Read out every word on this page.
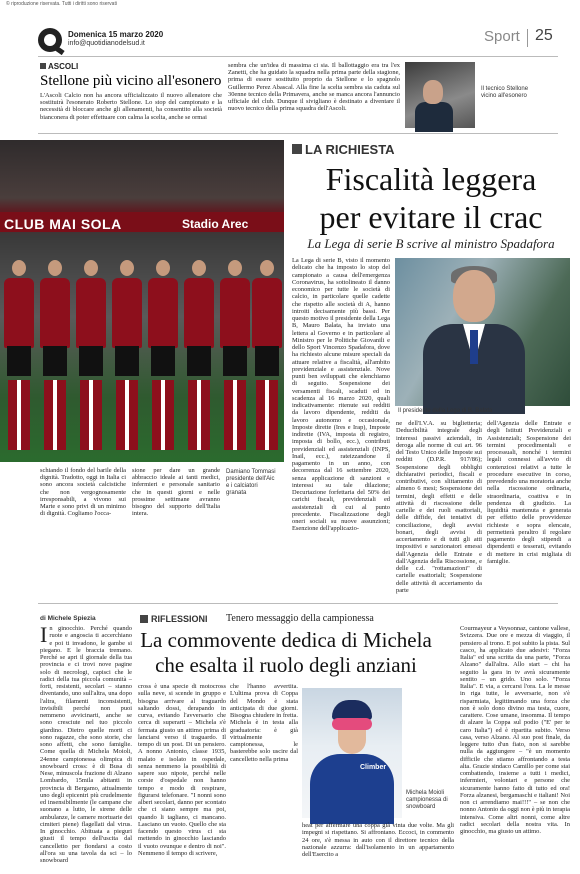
© riproduzione riservata. Tutti i diritti sono riservati
Domenica 15 marzo 2020
info@quotidianodelsud.it	Sport 25
ASCOLI
Stellone più vicino all'esonero
L'Ascoli Calcio non ha ancora ufficializzato il nuovo allenatore che sostituirà l'esonerato Roberto Stellone. Lo stop del campionato e la necessità di bloccare anche gli allenamenti, ha consentito alla società bianconera di poter effettuare con calma la scelta, anche se ormai
sembra che un'idea di massima ci sia. Il ballottaggio era tra l'ex Zanetti, che ha guidato la squadra nella prima parte della stagione, prima di essere sostituito proprio da Stellone e lo spagnolo Guillermo Perez Abascal. Alla fine la scelta sembra sia caduta sul 30enne tecnico della Primavera, anche se manca ancora l'annuncio ufficiale del club. Dunque il sivigliano è destinato a diventare il nuovo tecnico della prima squadra dell'Ascoli.
Il tecnico Stellone vicino all'esonero
CLUB MAI SOLA	Stadio Arec
schiando il fondo del barile della dignità. Tradotto, oggi in Italia ci sono ancora società calcistiche che non vergognosamente irresponsabili, a vivono sui Marte e sono privi di un minimo di dignità. Cogliamo l'occa-
sione per dare un grande abbraccio ideale ai tanti medici, infermieri e personale sanitario che in questi giorni e nelle prossime settimane avranno bisogno del supporto dell'Italia intera.
Damiano Tommasi presidente dell'Aic e i calciatori granata
LA RICHIESTA
Fiscalità leggera
per evitare il crac
La Lega di serie B scrive al ministro Spadafora
La Lega di serie B, visto il momento delicato che ha imposto lo stop del campionato a causa dell'emergenza Coronavirus, ha sottolineato il danno economico per tutte le società di calcio, in particolare quelle cadette che rispetto alle società di A, hanno introiti decisamente più bassi. Per questo motivo il presidente della Lega B, Mauro Balata, ha inviato una lettera al Governo e in particolare al Ministro per le Politiche Giovanili e dello Sport Vincenzo Spadafora, dove ha richiesto alcune misure speciali da attuare relative a fiscalità, all'ambito previdenziale e assistenziale. Nove punti ben sviluppati che elenchiamo di seguito. Sospensione dei versamenti fiscali, scaduti ed in scadenza al 16 marzo 2020, quali indicativamente: ritenute sui redditi da lavoro dipendente, redditi da lavoro autonomo e occasionale, Imposte dirette (Ires e Irap), Imposte indirette (IVA, imposta di registro, imposta di bollo, ecc.), contributi previdenziali ed assistenziali (INPS, Inail, ecc.), rateizzandone il pagamento in un anno, con decorrenza dal 16 settembre 2020, senza applicazione di sanzioni e interessi su tale dilazione; Decurtazione forfettaria del 50% dei carichi fiscali, previdenziali ed assistenziali di cui al punto precedente. Fiscalizzazione degli oneri sociali su nuove assunzioni; Esenzione dell'applicazio-
Il presidente della Lega di B, Balata
ne dell'I.V.A. su biglietteria; Deducibilità integrale degli interessi passivi aziendali, in deroga alle norme di cui art. 96 del Testo Unico delle Imposte sui redditi (D.P.R. 917/86); Sospensione degli obblighi dichiarativi periodici, fiscali e contributivi, con slittamento di almeno 6 mesi; Sospensione dei termini, degli effetti e delle attività di riscossione delle cartelle e dei ruoli esattoriali, delle diffide, dei tentativi di conciliazione, degli avvisi bonari, degli avvisi di accertamento e di tutti gli atti impositivi e sanzionatori emessi dall'Agenzia delle Entrate e dall'Agenzia della Riscossione, e delle c.d. "rottamazioni" di cartelle esattoriali; Sospensione delle attività di accertamento da parte
dell'Agenzia delle Entrate e degli Istituti Previdenziali e Assistenziali; Sospensione dei termini procedimentali e processuali, nonché i termini legali connessi all'avvio di contenziosi relativi a tutte le procedure esecutive in corso, prevedendo una moratoria anche nella riscossione ordinaria, straordinaria, coattiva e in pendenza di giudizio. La liquidità mantenuta e generata per effetto delle provvidenze richieste e sopra elencate, permetterà peraltro il regolare pagamento degli stipendi a dipendenti e tesserati, evitando di mettere in crisi migliaia di famiglie.
di Michele Spiezia	RIFLESSIONI Tenero messaggio della campionessa
La commovente dedica di Michela
che esalta il ruolo degli anziani
In ginocchio. Perché quando ruote e angoscia ti accerchiano e poi ti invadono, le gambe si piegano. E le braccia tremano. Perché se apri il giornale della tua provincia e ci trovi nove pagine solo di necrologi, capisci che le radici della tua piccola comunità – forti, resistenti, secolari – stanno diventando, uno sull'altra, una dopo l'altra, filamenti inconsistenti, invisibili perché non puoi nemmeno avvicinarti, anche se sono cresciute nel tuo piccolo giardino. Dietro quelle morti ci sono ragazze, che sono storie, che sono affetti, che sono famiglie. Come quella di Michela Moioli, 24enne campionessa olimpica di snowboard cross: è di Busa di Nese, minuscola frazione di Alzano Lombardo, 15mila abitanti in provincia di Bergamo, attualmente uno degli epicentri più crudelmente ed insensibilmente (le campane che suonano a lutto, le sirene delle ambulanze, le camere mortuarie dei cimiteri piene) flagellati dal virus. In ginocchio. Abituata a pieguri giusti il tempo dell'uscita dal cancelletto per fiondarsi a costo all'ora su una tavola da sci – lo snowboard
cross è una specie di motocross sulla neve, si scende in gruppo e bisogna arrivare al traguardo saltando dossi, derapando in curva, evitando l'avversario che cerca di superarti – Michela s'è fermata giusto un attimo prima di lanciarsi verso il traguardo. Il tempo di un post. Di un pensiero. A nonno Antonio, classe 1935, malato e isolato in ospedale, senza nemmeno la possibilità di sapere suo nipote, perché nelle corsie d'ospedale non hanno tempo e modo di respirare, figurarsi telefonare. "I nonni sono alberi secolari, danno per scontato che ci siano sempre ma poi, quando li tagliano, ci mancano. Lasciano un vuoto. Quello che sta facendo questo virus ci sta mettendo in ginocchio lasciando il vuoto ovunque e dentro di noi". Nemmeno il tempo di scrivere,
che l'hanno avvertita. L'ultima prova di Coppa del Mondo è stata anticipata di due giorni. Bisogna chiudere in fretta. Michela è in testa alla graduatoria: è già virtualmente campionessa, le basterebbe solo uscire dal cancelletto nella prima
Climber
Michela Moioli campionessa di snowboard
heat per affermare una coppa già vinta due volte. Ma gli impegni si rispettano. Si affrontano. Eccoci, in commento 24 ore, s'è messa in auto con il direttore tecnico della nazionale azzurra: dall'isolamento in un appartamento dell'Esercito a
Courmayeur a Veysonnaz, cantone vallese, Svizzera. Due ore e mezza di viaggio, il pensiero al trono. E poi subito la pista. Sul casco, ha applicato due adesivi: "Forza Italia" ed una scritta da una parte, "Forza Alzano" dall'altra. Allo start – chi ha seguito la gara in tv avrà sicuramente sentito – un grido. Uno solo. "Forza Italia". E via, a cercarsi l'ora. La le messe in riga tutte, le avversarie, non s'è risparmiata, legittimando una forza che non è solo dono divino ma testa, cuore, carattere. Cose umane, insomma. Il tempo di alzare la Coppa sul podio ("E' per te caro Italia") ed è ripartita subito. Verso casa, verso Alzano. Al suo post finale, da leggere tutto d'un fiato, non si sarebbe nulla da aggiungere – "è un momento difficile che stiamo affrontando a testa alta. Grazie sindaco Camillo per come stai combattendo, insieme a tutti i medici, infermieri, volontari e persone che sicuramente hanno fatto di tutto ed ora! Forza alzanesi, bergamaschi e italiani! Noi non ci arrendiamo mai!!!" – se non che nonno Antonio da oggi non è più in terapia intensiva. Come altri nonni, come altre radici secolari della nostra vita. In ginocchio, ma giusto un attimo.
